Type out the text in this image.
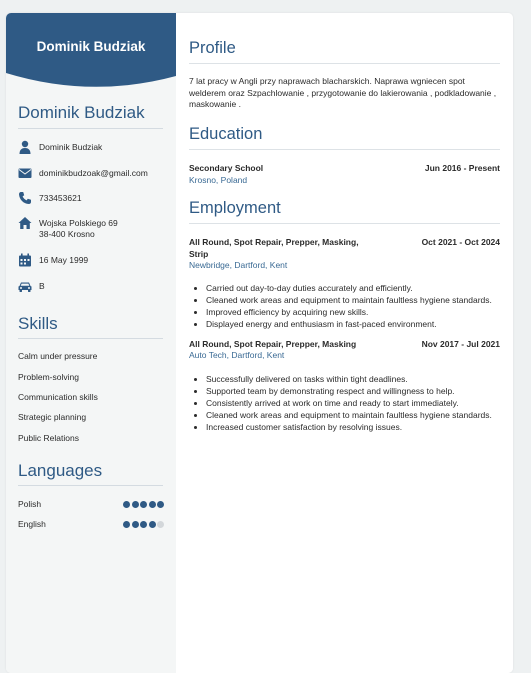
Dominik Budziak
Dominik Budziak
Dominik Budziak
dominikbudzoak@gmail.com
733453621
Wojska Polskiego 69
38-400 Krosno
16 May 1999
B
Skills
Calm under pressure
Problem-solving
Communication skills
Strategic planning
Public Relations
Languages
Polish
English
Profile
7 lat pracy w Angli przy naprawach blacharskich. Naprawa wgniecen spot welderem oraz Szpachlowanie , przygotowanie do lakierowania , podkladowanie , maskowanie .
Education
Secondary School	Jun 2016 - Present
Krosno, Poland
Employment
All Round, Spot Repair, Prepper, Masking,
Strip
Oct 2021 - Oct 2024
Newbridge, Dartford, Kent
• Carried out day-to-day duties accurately and efficiently.
• Cleaned work areas and equipment to maintain faultless hygiene standards.
• Improved efficiency by acquiring new skills.
• Displayed energy and enthusiasm in fast-paced environment.
All Round, Spot Repair, Prepper, Masking	Nov 2017 - Jul 2021
Auto Tech, Dartford, Kent
• Successfully delivered on tasks within tight deadlines.
• Supported team by demonstrating respect and willingness to help.
• Consistently arrived at work on time and ready to start immediately.
• Cleaned work areas and equipment to maintain faultless hygiene standards.
• Increased customer satisfaction by resolving issues.
